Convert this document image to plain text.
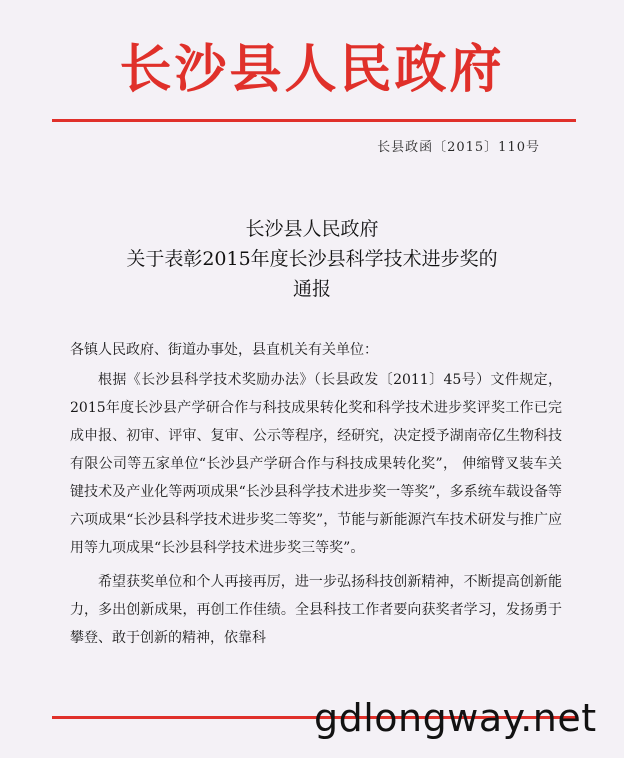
长沙县人民政府
长县政函〔2015〕110号
长沙县人民政府
关于表彰2015年度长沙县科学技术进步奖的
通报

各镇人民政府、街道办事处，县直机关有关单位：

根据《长沙县科学技术奖励办法》（长县政发〔2011〕45号）文件规定，2015年度长沙县产学研合作与科技成果转化奖和科学技术进步奖评奖工作已完成申报、初审、评审、复审、公示等程序，经研究，决定授予湖南帝亿生物科技有限公司等五家单位“长沙县产学研合作与科技成果转化奖”， 伸缩臂叉装车关键技术及产业化等两项成果“长沙县科学技术进步奖一等奖”，多系统车载设备等六项成果“长沙县科学技术进步奖二等奖”，节能与新能源汽车技术研发与推广应用等九项成果“长沙县科学技术进步奖三等奖”。

希望获奖单位和个人再接再厉，进一步弘扬科技创新精神，不断提高创新能力，多出创新成果，再创工作佳绩。全县科技工作者要向获奖者学习，发扬勇于攀登、敢于创新的精神，依靠科

gdlongway.net
